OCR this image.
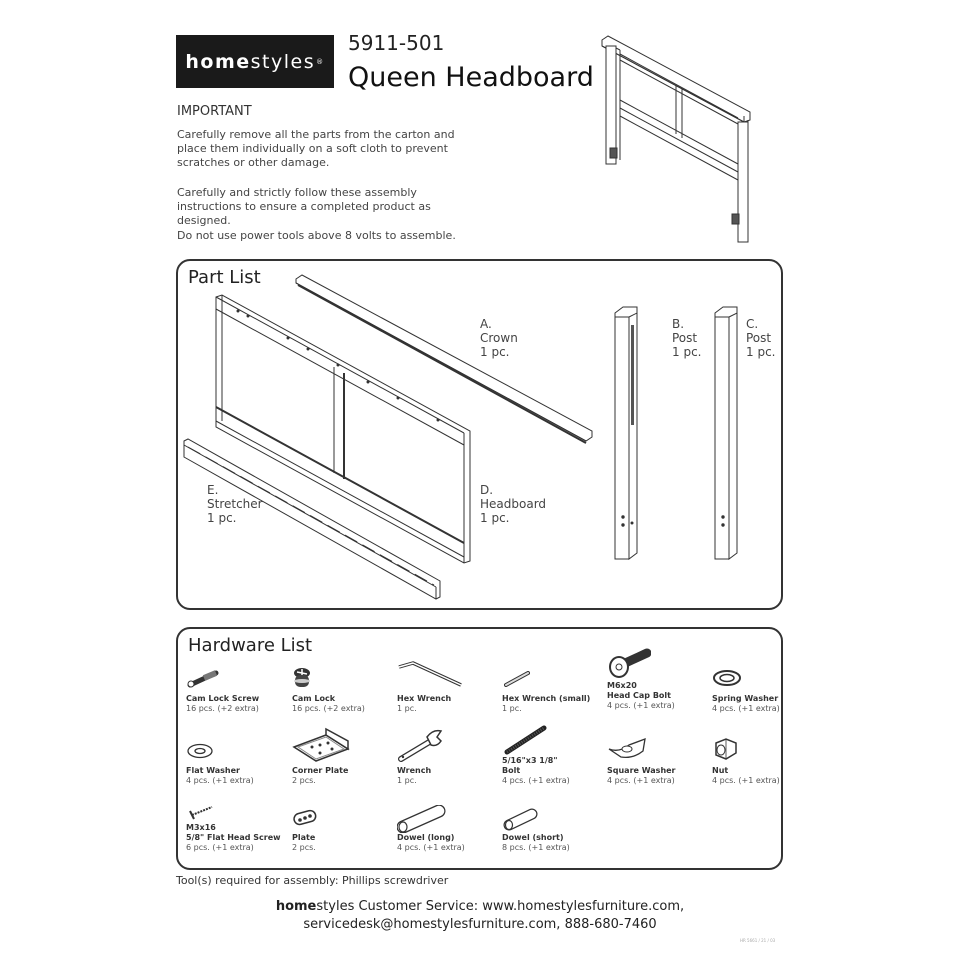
home styles ®
5911-501
Queen Headboard
IMPORTANT
Carefully remove all the parts from the carton and place them individually on a soft cloth to prevent scratches or other damage.
Carefully and strictly follow these assembly instructions to ensure a completed product as designed.
Do not use power tools above 8 volts to assemble.
Part List
A.
Crown
1 pc.
B.
Post
1 pc.
C.
Post
1 pc.
D.
Headboard
1 pc.
E.
Stretcher
1 pc.
Hardware List
Cam Lock Screw
16 pcs. (+2 extra)
Cam Lock
16 pcs. (+2 extra)
Hex Wrench
1 pc.
Hex Wrench (small)
1 pc.
M6x20
Head Cap Bolt
4 pcs. (+1 extra)
Spring Washer
4 pcs. (+1 extra)
Flat Washer
4 pcs. (+1 extra)
Corner Plate
2 pcs.
Wrench
1 pc.
5/16"x3 1/8"
Bolt
4 pcs. (+1 extra)
Square Washer
4 pcs. (+1 extra)
Nut
4 pcs. (+1 extra)
M3x16
5/8" Flat Head Screw
6 pcs. (+1 extra)
Plate
2 pcs.
Dowel (long)
4 pcs. (+1 extra)
Dowel (short)
8 pcs. (+1 extra)
Tool(s) required for assembly: Phillips screwdriver
homestyles Customer Service: www.homestylesfurniture.com,
servicedesk@homestylesfurniture.com, 888-680-7460
HR 5661 / 21 / 03
